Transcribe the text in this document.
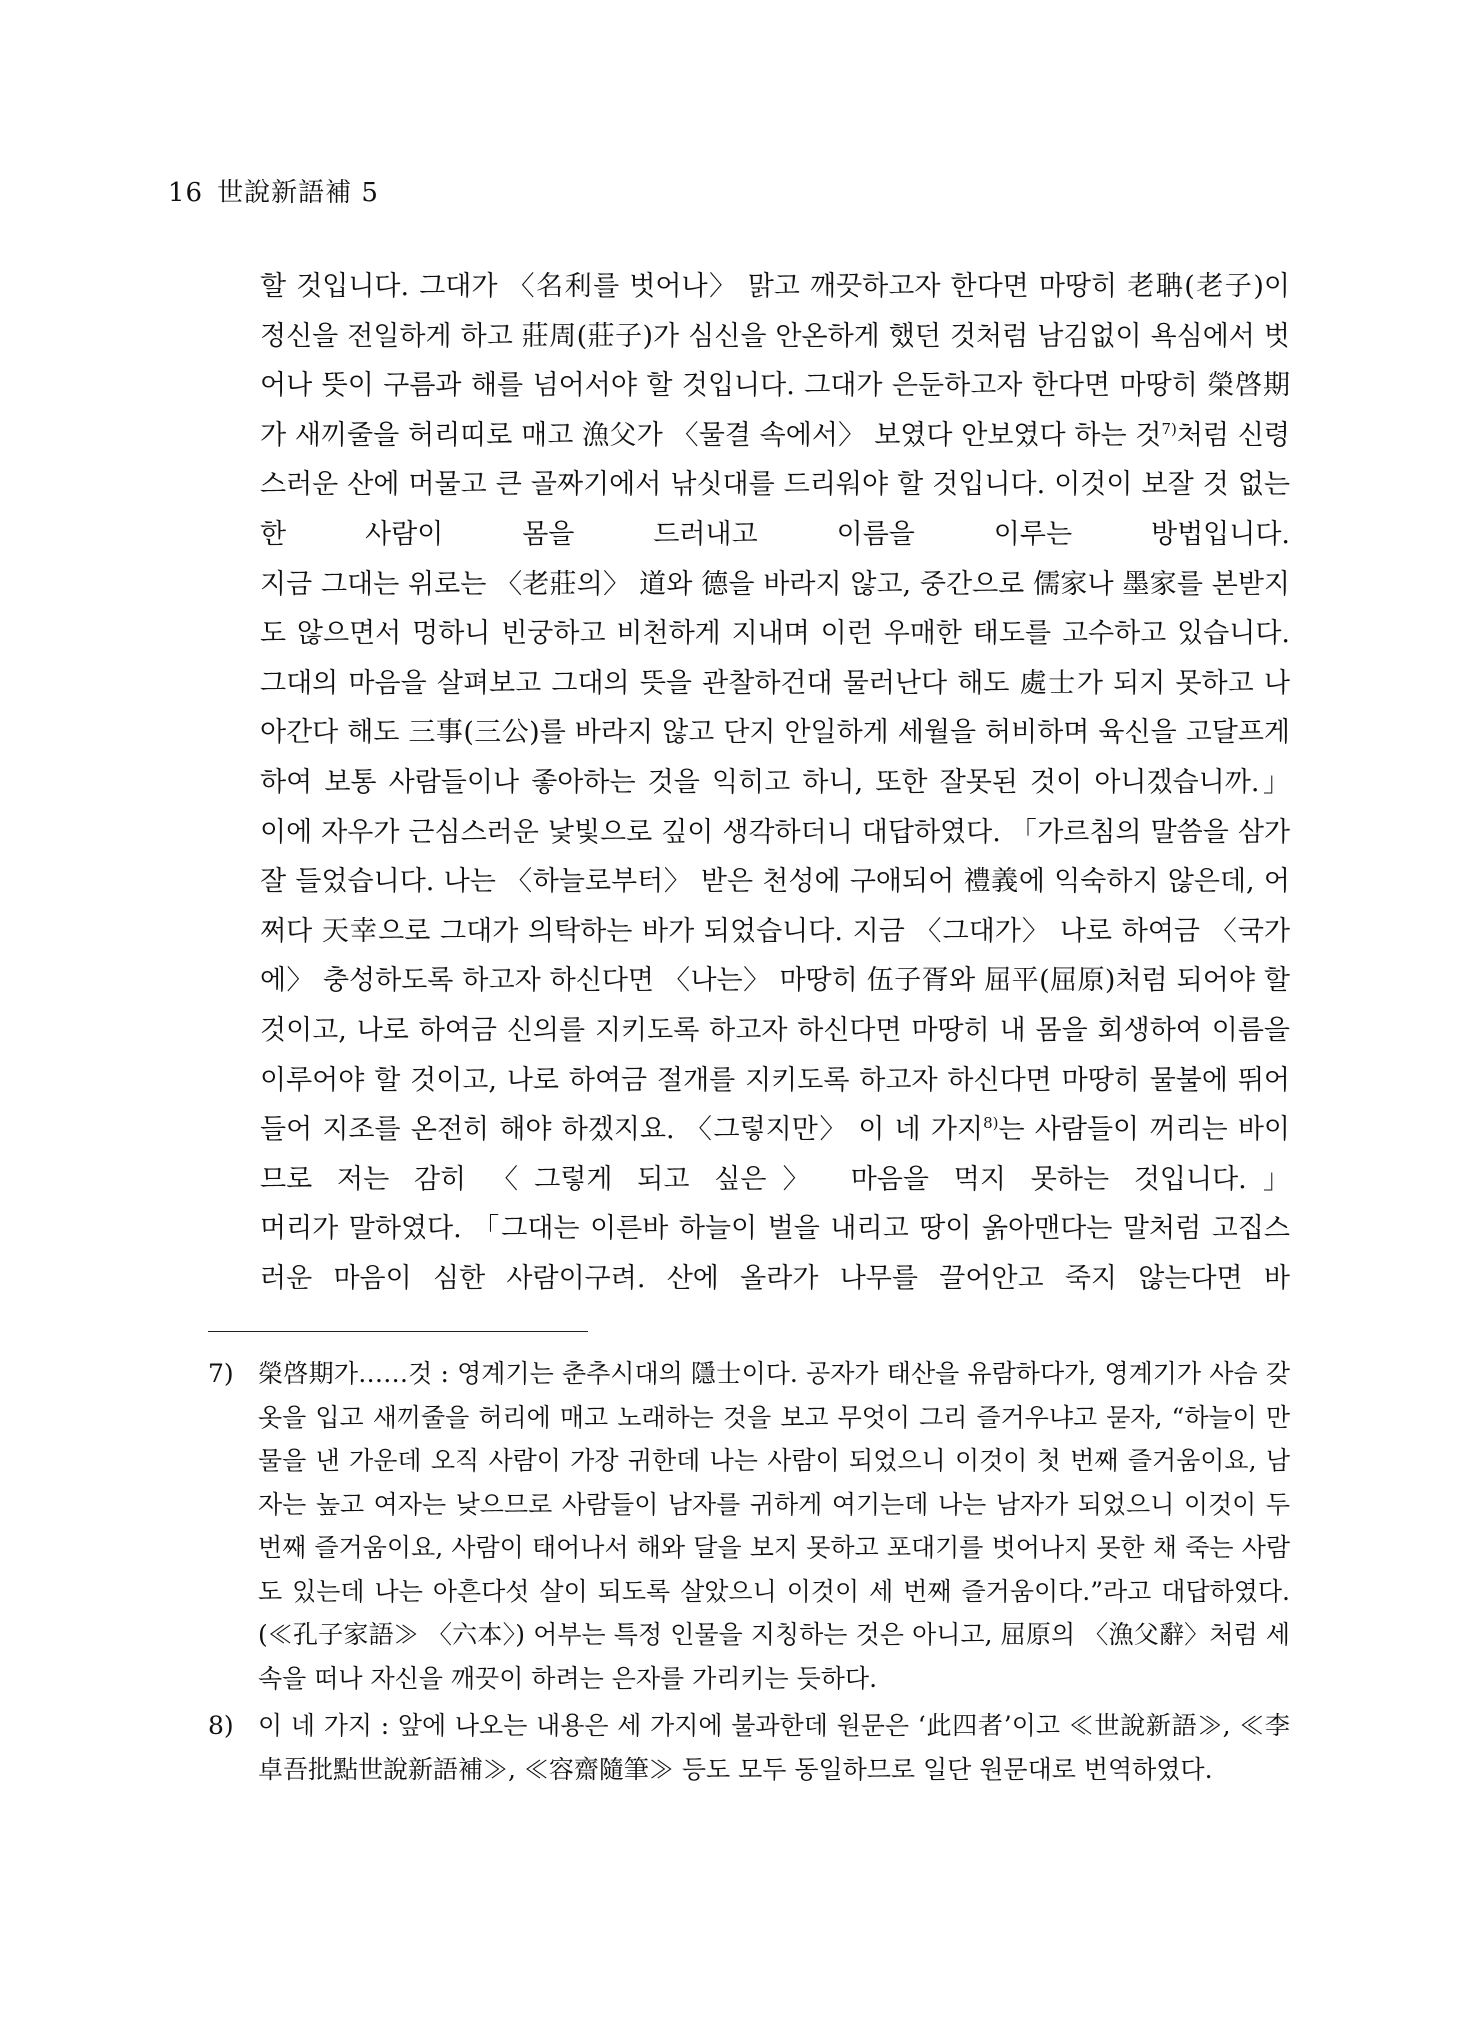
16 世說新語補 5

할 것입니다. 그대가 〈名利를 벗어나〉 맑고 깨끗하고자 한다면 마땅히 老聃(老子)이 정신을 전일하게 하고 莊周(莊子)가 심신을 안온하게 했던 것처럼 남김없이 욕심에서 벗어나 뜻이 구름과 해를 넘어서야 할 것입니다. 그대가 은둔하고자 한다면 마땅히 榮啓期가 새끼줄을 허리띠로 매고 漁父가 〈물결 속에서〉 보였다 안보였다 하는 것$^{7)}$처럼 신령스러운 산에 머물고 큰 골짜기에서 낚싯대를 드리워야 할 것입니다. 이것이 보잘 것 없는 한 사람이 몸을 드러내고 이름을 이루는 방법입니다.

지금 그대는 위로는 〈老莊의〉 道와 德을 바라지 않고, 중간으로 儒家나 墨家를 본받지도 않으면서 멍하니 빈궁하고 비천하게 지내며 이런 우매한 태도를 고수하고 있습니다. 그대의 마음을 살펴보고 그대의 뜻을 관찰하건대 물러난다 해도 處士가 되지 못하고 나아간다 해도 三事(三公)를 바라지 않고 단지 안일하게 세월을 허비하며 육신을 고달프게 하여 보통 사람들이나 좋아하는 것을 익히고 하니, 또한 잘못된 것이 아니겠습니까.」

이에 자우가 근심스러운 낯빛으로 깊이 생각하더니 대답하였다. 「가르침의 말씀을 삼가 잘 들었습니다. 나는 〈하늘로부터〉 받은 천성에 구애되어 禮義에 익숙하지 않은데, 어쩌다 天幸으로 그대가 의탁하는 바가 되었습니다. 지금 〈그대가〉 나로 하여금 〈국가에〉 충성하도록 하고자 하신다면 〈나는〉 마땅히 伍子胥와 屈平(屈原)처럼 되어야 할 것이고, 나로 하여금 신의를 지키도록 하고자 하신다면 마땅히 내 몸을 회생하여 이름을 이루어야 할 것이고, 나로 하여금 절개를 지키도록 하고자 하신다면 마땅히 물불에 뛰어들어 지조를 온전히 해야 하겠지요. 〈그렇지만〉 이 네 가지$^{8)}$는 사람들이 꺼리는 바이므로 저는 감히 〈그렇게 되고 싶은〉 마음을 먹지 못하는 것입니다.」

머리가 말하였다. 「그대는 이른바 하늘이 벌을 내리고 땅이 옭아맨다는 말처럼 고집스러운 마음이 심한 사람이구려. 산에 올라가 나무를 끌어안고 죽지 않는다면 바

7) 榮啓期가……것 : 영계기는 춘추시대의 隱士이다. 공자가 태산을 유람하다가, 영계기가 사슴 갖옷을 입고 새끼줄을 허리에 매고 노래하는 것을 보고 무엇이 그리 즐거우냐고 묻자, “하늘이 만물을 낸 가운데 오직 사람이 가장 귀한데 나는 사람이 되었으니 이것이 첫 번째 즐거움이요, 남자는 높고 여자는 낮으므로 사람들이 남자를 귀하게 여기는데 나는 남자가 되었으니 이것이 두 번째 즐거움이요, 사람이 태어나서 해와 달을 보지 못하고 포대기를 벗어나지 못한 채 죽는 사람도 있는데 나는 아흔다섯 살이 되도록 살았으니 이것이 세 번째 즐거움이다.”라고 대답하였다.(≪孔子家語≫ 〈六本〉) 어부는 특정 인물을 지칭하는 것은 아니고, 屈原의 〈漁父辭〉처럼 세속을 떠나 자신을 깨끗이 하려는 은자를 가리키는 듯하다.

8) 이 네 가지 : 앞에 나오는 내용은 세 가지에 불과한데 원문은 ‘此四者’이고 ≪世說新語≫, ≪李卓吾批點世說新語補≫, ≪容齋隨筆≫ 등도 모두 동일하므로 일단 원문대로 번역하였다.
